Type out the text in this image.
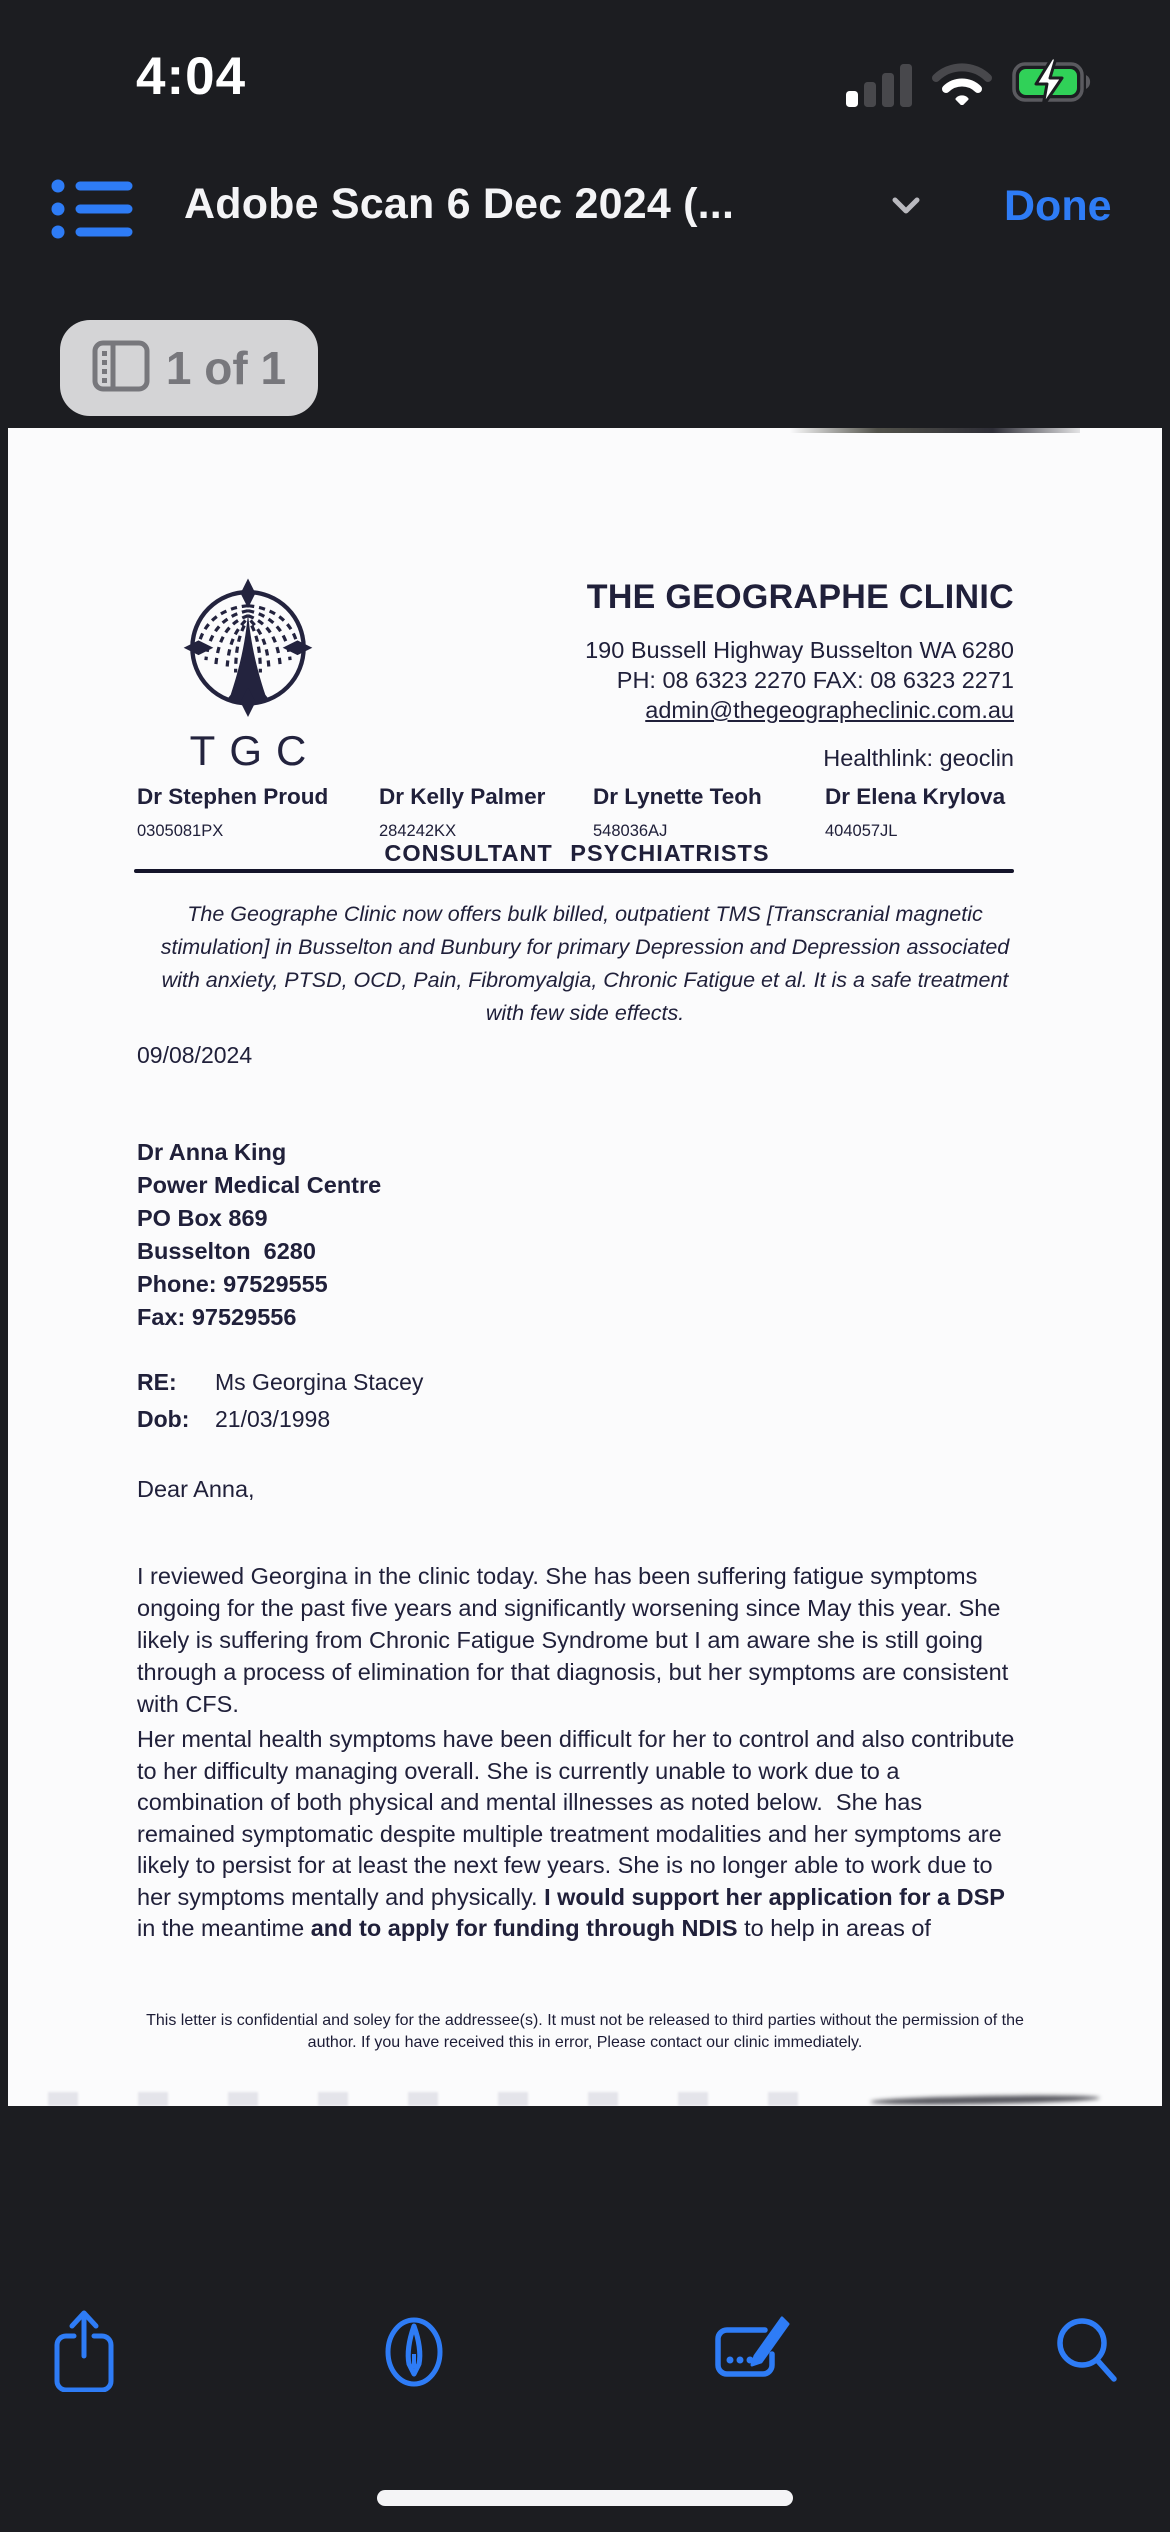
4:04
Adobe Scan 6 Dec 2024 (...	Done
1 of 1
TGC
THE GEOGRAPHE CLINIC
190 Bussell Highway Busselton WA 6280
PH: 08 6323 2270 FAX: 08 6323 2271
admin@thegeographeclinic.com.au
Healthlink: geoclin
Dr Stephen Proud
0305081PX
Dr Kelly Palmer
284242KX
Dr Lynette Teoh
548036AJ
Dr Elena Krylova
404057JL
CONSULTANT PSYCHIATRISTS
The Geographe Clinic now offers bulk billed, outpatient TMS [Transcranial magnetic stimulation] in Busselton and Bunbury for primary Depression and Depression associated with anxiety, PTSD, OCD, Pain, Fibromyalgia, Chronic Fatigue et al. It is a safe treatment with few side effects.
09/08/2024
Dr Anna King
Power Medical Centre
PO Box 869
Busselton  6280
Phone: 97529555
Fax: 97529556
RE: Ms Georgina Stacey
Dob: 21/03/1998
Dear Anna,
I reviewed Georgina in the clinic today. She has been suffering fatigue symptoms ongoing for the past five years and significantly worsening since May this year. She likely is suffering from Chronic Fatigue Syndrome but I am aware she is still going through a process of elimination for that diagnosis, but her symptoms are consistent with CFS.
Her mental health symptoms have been difficult for her to control and also contribute to her difficulty managing overall. She is currently unable to work due to a combination of both physical and mental illnesses as noted below.  She has remained symptomatic despite multiple treatment modalities and her symptoms are likely to persist for at least the next few years. She is no longer able to work due to her symptoms mentally and physically. I would support her application for a DSP in the meantime and to apply for funding through NDIS to help in areas of
This letter is confidential and soley for the addressee(s). It must not be released to third parties without the permission of the author. If you have received this in error, Please contact our clinic immediately.
